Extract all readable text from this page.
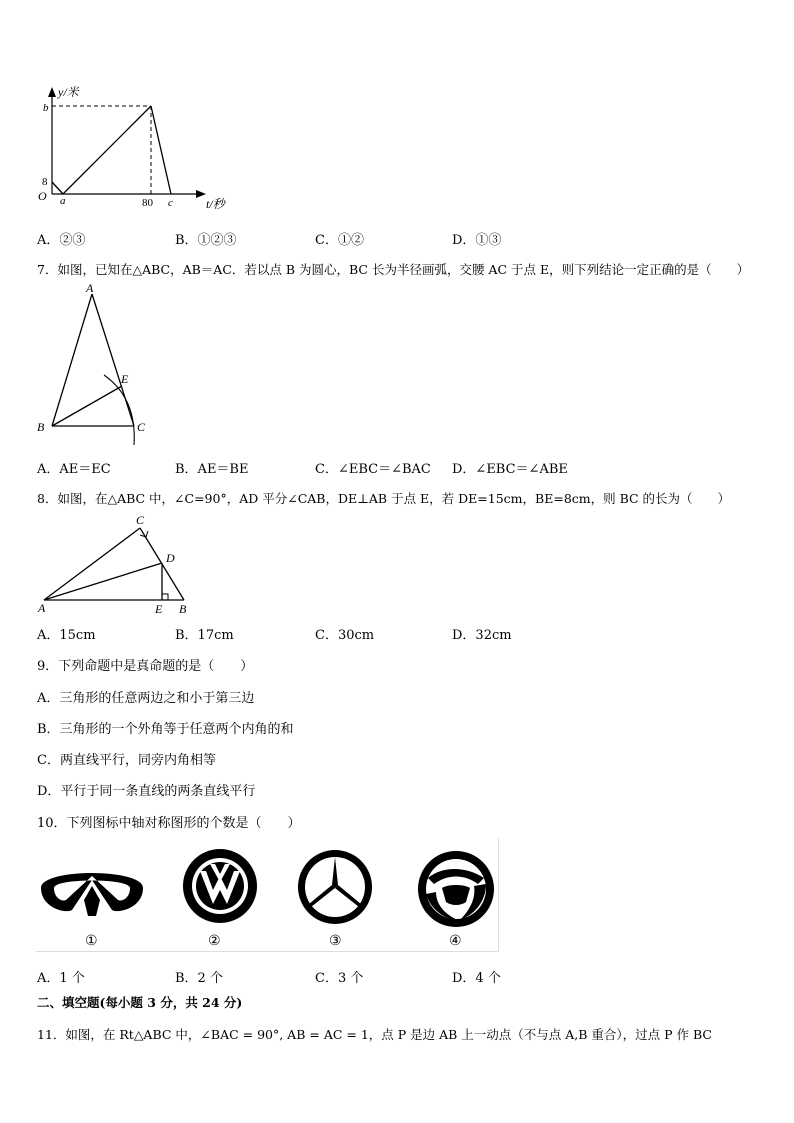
y/米
t/秒
O
b
8
a	80 c
A．②③	B．①②③	C．①②	D．①③
7．如图，已知在△ABC，AB＝AC．若以点 B 为圆心，BC 长为半径画弧，交腰 AC 于点 E，则下列结论一定正确的是（　　）
A
B	C
E
A．AE＝EC	B．AE＝BE	C．∠EBC＝∠BAC D．∠EBC＝∠ABE
8．如图，在△ABC 中，∠C=90°，AD 平分∠CAB，DE⊥AB 于点 E，若 DE=15cm，BE=8cm，则 BC 的长为（　　）
A	B
C
D
E
A．15cm	B．17cm	C．30cm	D．32cm
9．下列命题中是真命题的是（　　）
A．三角形的任意两边之和小于第三边
B．三角形的一个外角等于任意两个内角的和
C．两直线平行，同旁内角相等
D．平行于同一条直线的两条直线平行
10．下列图标中轴对称图形的个数是（　　）
①	②	③	④
A．1 个	B．2 个	C．3 个	D．4 个
二、填空题(每小题 3 分，共 24 分)
11．如图，在 Rt△ABC 中，∠BAC = 90°, AB = AC = 1，点 P 是边 AB 上一动点（不与点 A,B 重合），过点 P 作 BC
